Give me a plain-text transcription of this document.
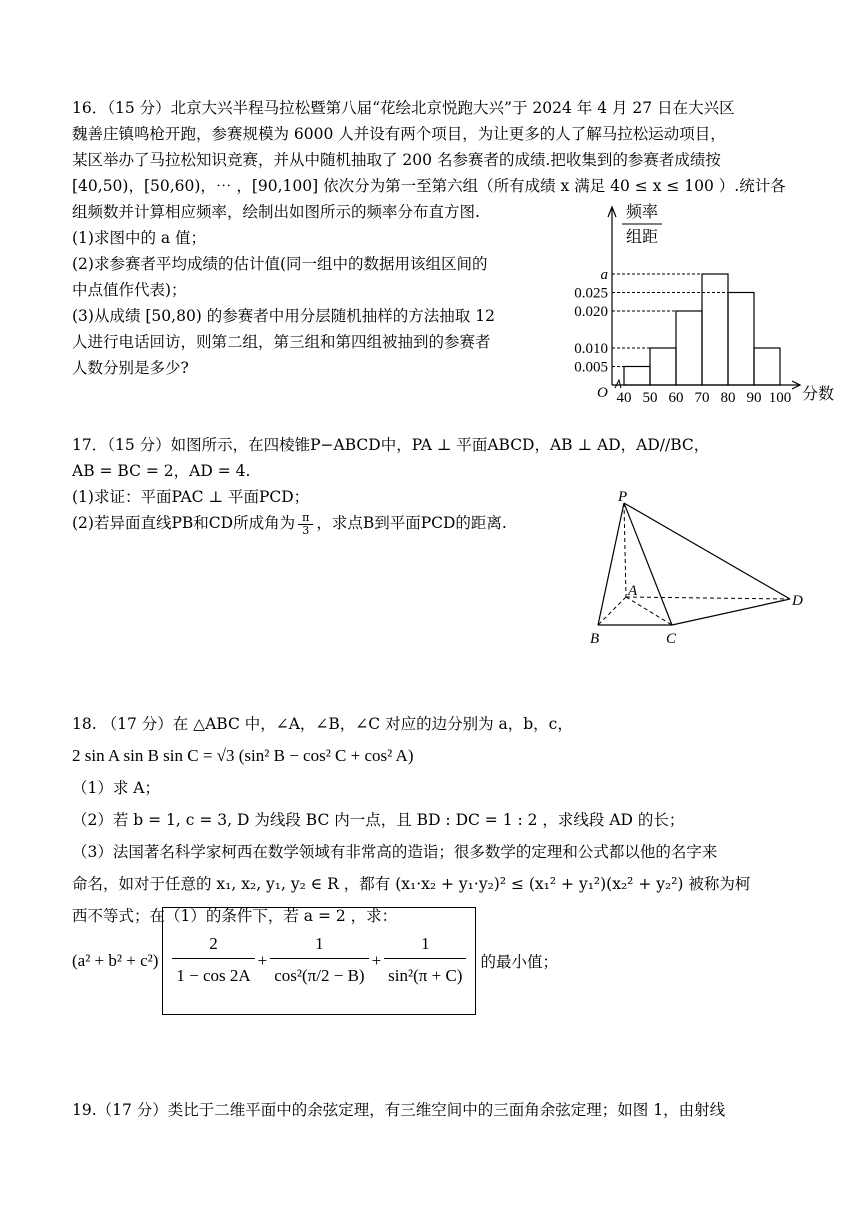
16．（15 分）北京大兴半程马拉松暨第八届“花绘北京悦跑大兴”于 2024 年 4 月 27 日在大兴区
魏善庄镇鸣枪开跑，参赛规模为 6000 人并设有两个项目，为让更多的人了解马拉松运动项目，
某区举办了马拉松知识竞赛，并从中随机抽取了 200 名参赛者的成绩.把收集到的参赛者成绩按
[40,50)，[50,60)，⋯ ，[90,100] 依次分为第一至第六组（所有成绩 x 满足 40 ≤ x ≤ 100 ）.统计各
组频数并计算相应频率，绘制出如图所示的频率分布直方图.
(1)求图中的 a 值；
(2)求参赛者平均成绩的估计值(同一组中的数据用该组区间的
中点值作代表)；
(3)从成绩 [50,80) 的参赛者中用分层随机抽样的方法抽取 12
人进行电话回访，则第二组，第三组和第四组被抽到的参赛者
人数分别是多少?
a
0.025
0.020
0.010
0.005
40 50 60 70 80 90 100
O	分数
频率
组距
17．（15 分）如图所示，在四棱锥P−ABCD中，PA ⊥ 平面ABCD，AB ⊥ AD，AD//BC，
AB = BC = 2，AD = 4.
(1)求证：平面PAC ⊥ 平面PCD；
(2)若异面直线PB和CD所成角为 $\frac{\pi}{3}$ ，求点B到平面PCD的距离.
P
A
B	C
D
18. （17 分）在 △ABC 中，∠A，∠B，∠C 对应的边分别为 a，b，c，
2 sin A sin B sin C = √3 (sin² B − cos² C + cos² A)
（1）求 A；
（2）若 b = 1, c = 3, D 为线段 BC 内一点，且 BD : DC = 1 : 2 ，求线段 AD 的长；
（3）法国著名科学家柯西在数学领域有非常高的造诣；很多数学的定理和公式都以他的名字来
命名，如对于任意的 x₁, x₂, y₁, y₂ ∈ R ，都有 (x₁·x₂ + y₁·y₂)² ≤ (x₁² + y₁²)(x₂² + y₂²) 被称为柯
西不等式；在（1）的条件下，若 a = 2 ，求：
$(a^2 + b^2 + c^2) \frac{2}{1 - \cos 2A} + \frac{1}{\text{cos²(π/2 − B)}} + \frac{1}{\text{sin²(π + C)}}$ 的最小值；
19.（17 分）类比于二维平面中的余弦定理，有三维空间中的三面角余弦定理；如图 1，由射线
